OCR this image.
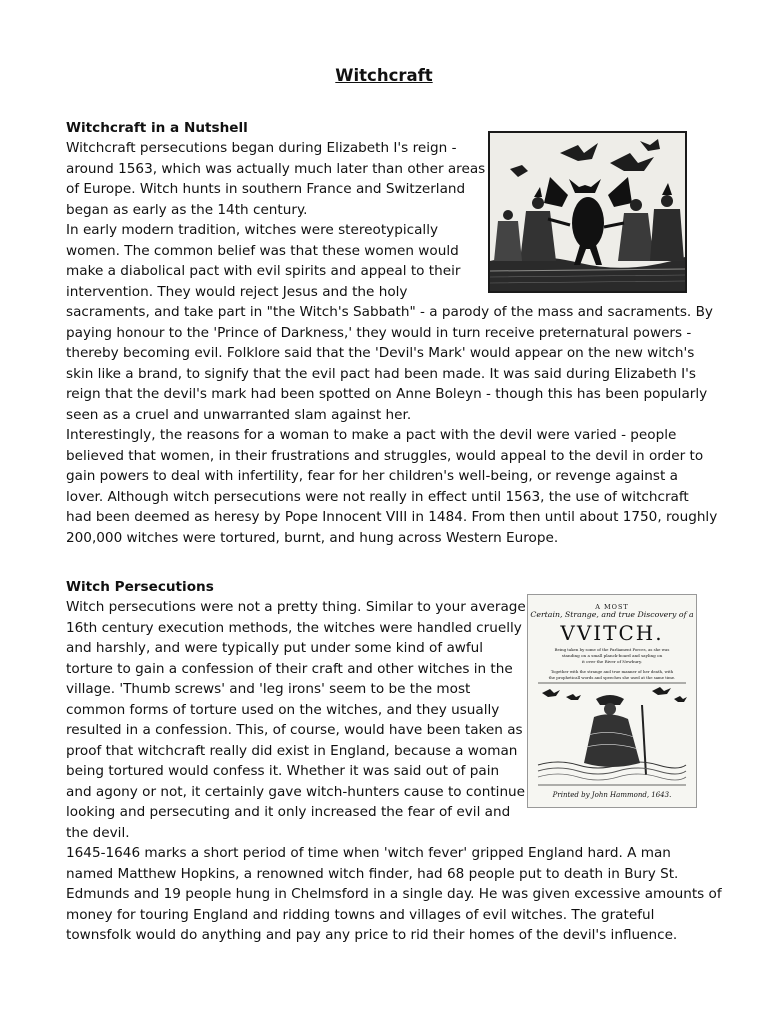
Witchcraft
Witchcraft in a Nutshell
Witchcraft persecutions began during Elizabeth I's reign -
around 1563, which was actually much later than other areas
of Europe. Witch hunts in southern France and Switzerland
began as early as the 14th century.
In early modern tradition, witches were stereotypically
women. The common belief was that these women would
make a diabolical pact with evil spirits and appeal to their
intervention. They would reject Jesus and the holy
sacraments, and take part in "the Witch's Sabbath" - a parody of the mass and sacraments. By
paying honour to the 'Prince of Darkness,' they would in turn receive preternatural powers -
thereby becoming evil. Folklore said that the 'Devil's Mark' would appear on the new witch's
skin like a brand, to signify that the evil pact had been made. It was said during Elizabeth I's
reign that the devil's mark had been spotted on Anne Boleyn - though this has been popularly
seen as a cruel and unwarranted slam against her.
Interestingly, the reasons for a woman to make a pact with the devil were varied - people
believed that women, in their frustrations and struggles, would appeal to the devil in order to
gain powers to deal with infertility, fear for her children's well-being, or revenge against a
lover. Although witch persecutions were not really in effect until 1563, the use of witchcraft
had been deemed as heresy by Pope Innocent VIII in 1484. From then until about 1750, roughly
200,000 witches were tortured, burnt, and hung across Western Europe.
Witch Persecutions
Witch persecutions were not a pretty thing. Similar to your average
16th century execution methods, the witches were handled cruelly
and harshly, and were typically put under some kind of awful
torture to gain a confession of their craft and other witches in the
village. 'Thumb screws' and 'leg irons' seem to be the most
common forms of torture used on the witches, and they usually
resulted in a confession. This, of course, would have been taken as
proof that witchcraft really did exist in England, because a woman
being tortured would confess it. Whether it was said out of pain
and agony or not, it certainly gave witch-hunters cause to continue
looking and persecuting and it only increased the fear of evil and
the devil.
1645-1646 marks a short period of time when 'witch fever' gripped England hard. A man
named Matthew Hopkins, a renowned witch finder, had 68 people put to death in Bury St.
Edmunds and 19 people hung in Chelmsford in a single day. He was given excessive amounts of
money for touring England and ridding towns and villages of evil witches. The grateful
townsfolk would do anything and pay any price to rid their homes of the devil's influence.
A MOST
Certain, Strange, and true Discovery of a
VVITCH.
Being taken by some of the Parliament Forces, as she was
standing on a small planck-board and sayling on
it over the River of Newbury.
Together with the strange and true manner of her death, with
the propheticall words and speeches she used at the same time.
Printed by John Hammond, 1643.
